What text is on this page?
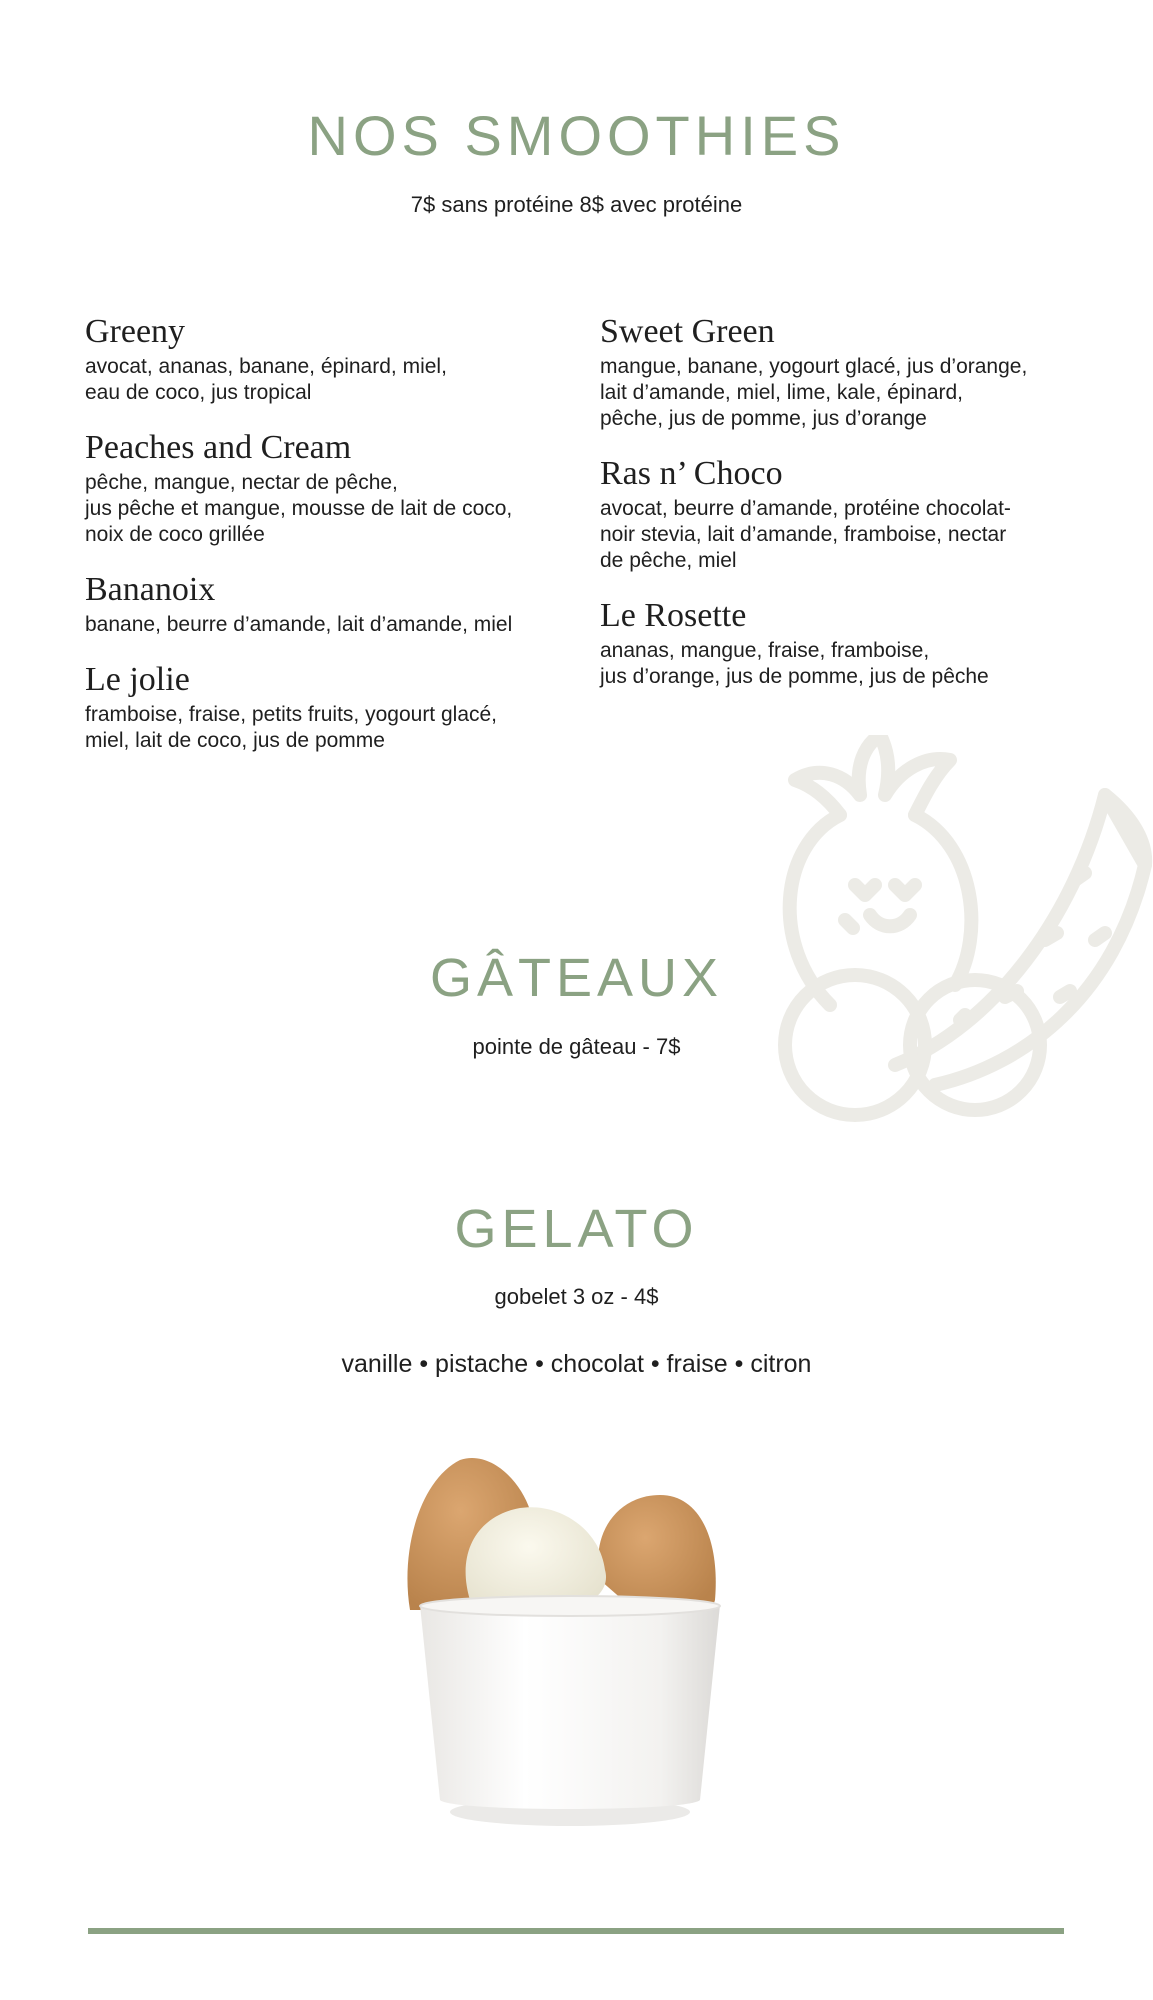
NOS SMOOTHIES

7$ sans protéine 8$ avec protéine

Greeny

avocat, ananas, banane, épinard, miel,
eau de coco, jus tropical

Peaches and Cream

pêche, mangue, nectar de pêche,
jus pêche et mangue, mousse de lait de coco,
noix de coco grillée

Bananoix

banane, beurre d’amande, lait d’amande, miel

Le jolie

framboise, fraise, petits fruits, yogourt glacé,
miel, lait de coco, jus de pomme

Sweet Green

mangue, banane, yogourt glacé, jus d’orange,
lait d’amande, miel, lime, kale, épinard,
pêche, jus de pomme, jus d’orange

Ras n’ Choco

avocat, beurre d’amande, protéine chocolat-
noir stevia, lait d’amande, framboise, nectar
de pêche, miel

Le Rosette

ananas, mangue, fraise, framboise,
jus d’orange, jus de pomme, jus de pêche

GÂTEAUX

pointe de gâteau - 7$

GELATO

gobelet 3 oz - 4$

vanille • pistache • chocolat • fraise • citron
